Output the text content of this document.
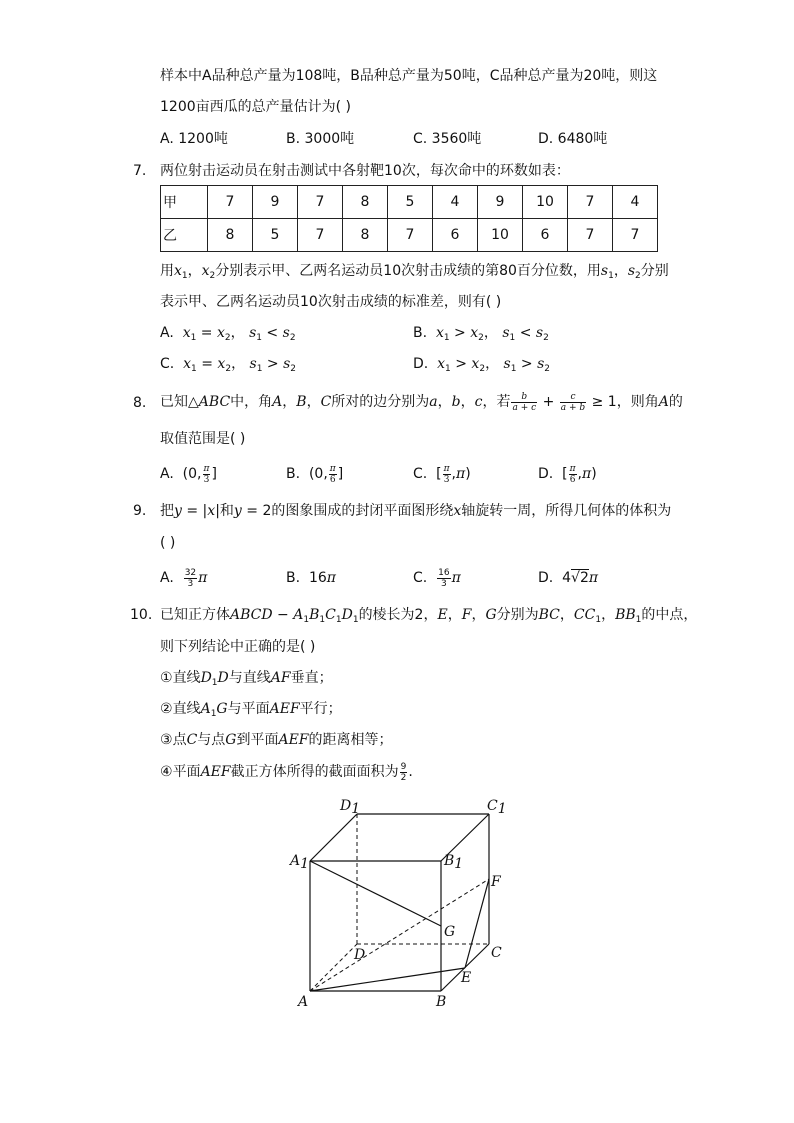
样本中A品种总产量为108吨，B品种总产量为50吨，C品种总产量为20吨，则这
1200亩西瓜的总产量估计为( )
A. 1200吨	B. 3000吨	C. 3560吨	D. 6480吨
7. 两位射击运动员在射击测试中各射靶10次，每次命中的环数如表：
甲	7	9	7	8	5	4	9	10	7	4
乙	8	5	7	8	7	6	10	6	7	7
用$x_1$，$x_2$分别表示甲、乙两名运动员10次射击成绩的第80百分位数，用$s_1$，$s_2$分别
表示甲、乙两名运动员10次射击成绩的标准差，则有( )
A. $x_1 = x_2$， $s_1 < s_2$	B. $x_1 > x_2$， $s_1 < s_2$
C. $x_1 = x_2$， $s_1 > s_2$	D. $x_1 > x_2$， $s_1 > s_2$
8. 已知△ABC中，角A，B，C所对的边分别为a，b，c，若 $\frac{b}{a + c} + \frac{c}{a + b} \ge 1$，则角A的
取值范围是( )
A.  (0, $\frac{\pi}{3}$ ]	B.  (0, $\frac{\pi}{6}$ ]	C.  [ $\frac{\pi}{3} ,\pi$)	D.  [ $\frac{\pi}{6} ,\pi$)
9. 把y = |x|和y = 2的图象围成的封闭平面图形绕x轴旋转一周，所得几何体的体积为
( )
A. $\frac{32}{3}$ π	B.  16π	C. $\frac{16}{3}$ π	D.  4√2π
10. 已知正方体ABCD − $A_1B_1C_1D_1$的棱长为2，E，F，G分别为BC，$CC_1$，$BB_1$的中点，
则下列结论中正确的是( )
①直线$D_1D$与直线AF垂直；
②直线$A_1G$与平面AEF平行；
③点C与点G到平面AEF的距离相等；
④平面AEF截正方体所得的截面面积为 $\frac{9}{2}$ .
D1	C1
A1	B1
F
G
C
D
E
A	B
